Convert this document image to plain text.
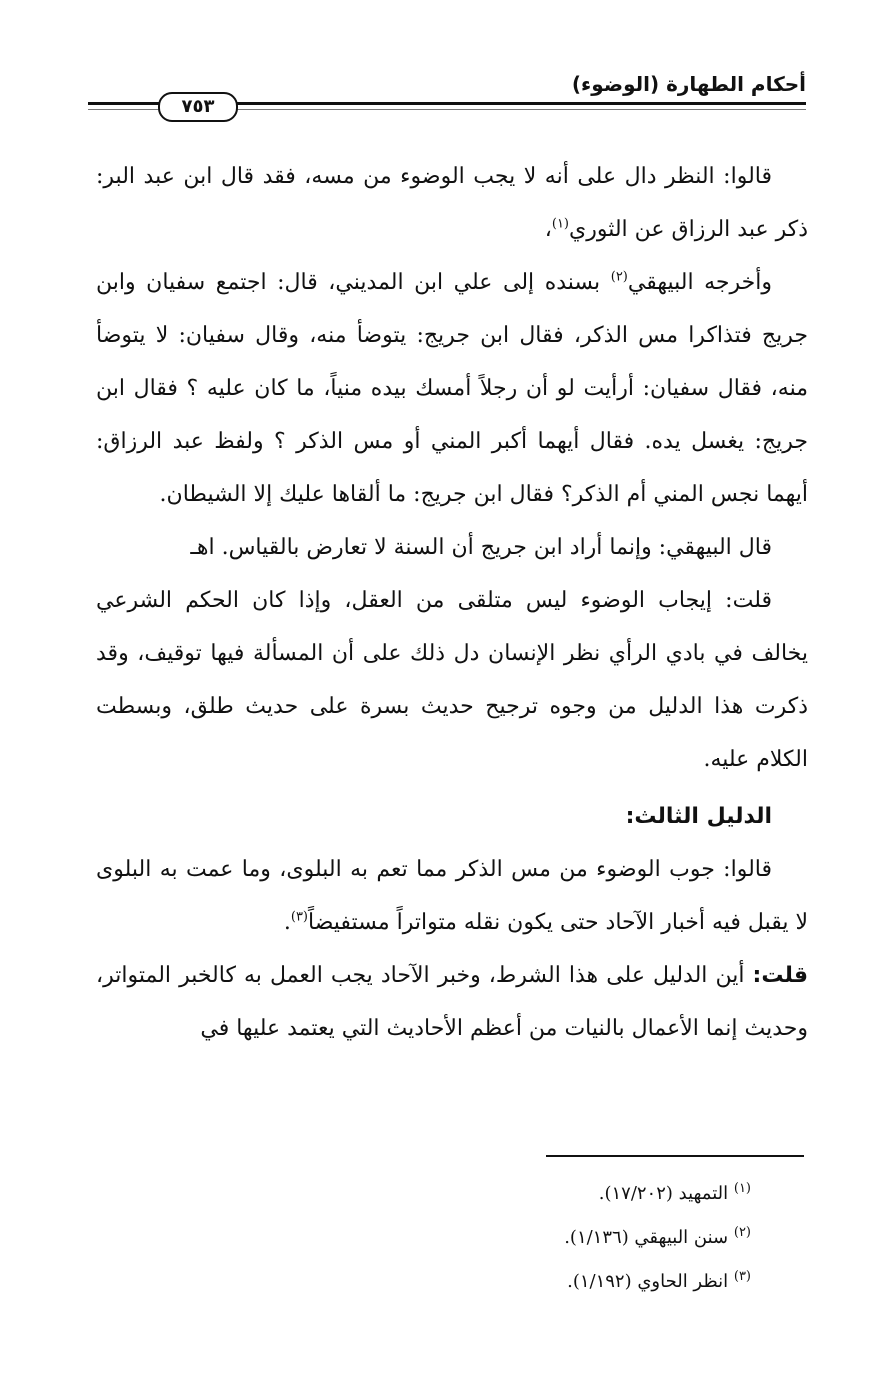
أحكام الطهارة (الوضوء)
٧٥٣

قالوا: النظر دال على أنه لا يجب الوضوء من مسه، فقد قال ابن عبد البر: ذكر عبد الرزاق عن الثوري$^{(١)}$،

وأخرجه البيهقي$^{(٢)}$ بسنده إلى علي ابن المديني، قال: اجتمع سفيان وابن جريج فتذاكرا مس الذكر، فقال ابن جريج: يتوضأ منه، وقال سفيان: لا يتوضأ منه، فقال سفيان: أرأيت لو أن رجلاً أمسك بيده منياً، ما كان عليه ؟ فقال ابن جريج: يغسل يده. فقال أيهما أكبر المني أو مس الذكر ؟ ولفظ عبد الرزاق: أيهما نجس المني أم الذكر؟ فقال ابن جريج: ما ألقاها عليك إلا الشيطان.

قال البيهقي: وإنما أراد ابن جريج أن السنة لا تعارض بالقياس. اهـ

قلت: إيجاب الوضوء ليس متلقى من العقل، وإذا كان الحكم الشرعي يخالف في بادي الرأي نظر الإنسان دل ذلك على أن المسألة فيها توقيف، وقد ذكرت هذا الدليل من وجوه ترجيح حديث بسرة على حديث طلق، وبسطت الكلام عليه.

الدليل الثالث:

قالوا: جوب الوضوء من مس الذكر مما تعم به البلوى، وما عمت به البلوى لا يقبل فيه أخبار الآحاد حتى يكون نقله متواتراً مستفيضاً$^{(٣)}$.

قلت: أين الدليل على هذا الشرط، وخبر الآحاد يجب العمل به كالخبر المتواتر، وحديث إنما الأعمال بالنيات من أعظم الأحاديث التي يعتمد عليها في

$^{(١)}$ التمهيد (١٧/٢٠٢).
$^{(٢)}$ سنن البيهقي (١/١٣٦).
$^{(٣)}$ انظر الحاوي (١/١٩٢).
